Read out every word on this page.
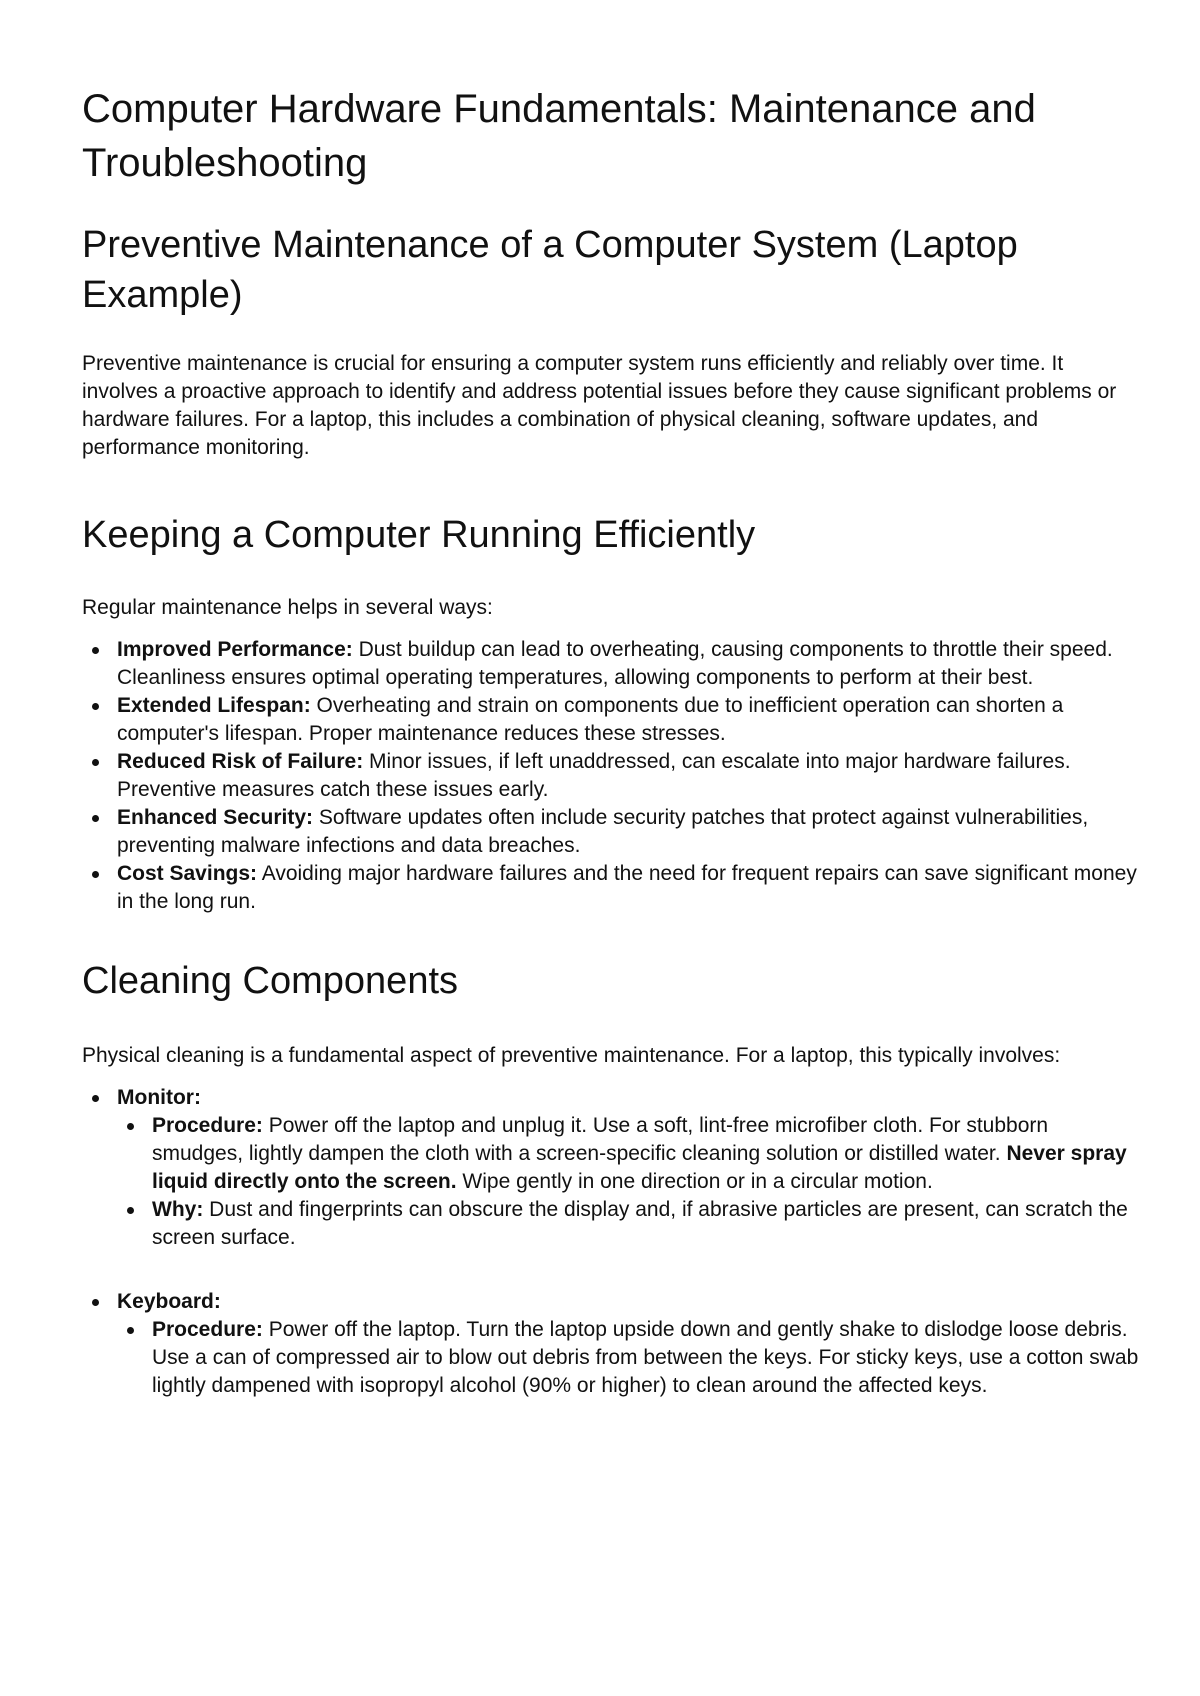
Computer Hardware Fundamentals: Maintenance and Troubleshooting
Preventive Maintenance of a Computer System (Laptop Example)

Preventive maintenance is crucial for ensuring a computer system runs efficiently and reliably over time. It involves a proactive approach to identify and address potential issues before they cause significant problems or hardware failures. For a laptop, this includes a combination of physical cleaning, software updates, and performance monitoring.

Keeping a Computer Running Efficiently

Regular maintenance helps in several ways:

Improved Performance: Dust buildup can lead to overheating, causing components to throttle their speed. Cleanliness ensures optimal operating temperatures, allowing components to perform at their best.
Extended Lifespan: Overheating and strain on components due to inefficient operation can shorten a computer's lifespan. Proper maintenance reduces these stresses.
Reduced Risk of Failure: Minor issues, if left unaddressed, can escalate into major hardware failures. Preventive measures catch these issues early.
Enhanced Security: Software updates often include security patches that protect against vulnerabilities, preventing malware infections and data breaches.
Cost Savings: Avoiding major hardware failures and the need for frequent repairs can save significant money in the long run.
Cleaning Components

Physical cleaning is a fundamental aspect of preventive maintenance. For a laptop, this typically involves:

Monitor:
Procedure: Power off the laptop and unplug it. Use a soft, lint-free microfiber cloth. For stubborn smudges, lightly dampen the cloth with a screen-specific cleaning solution or distilled water. Never spray liquid directly onto the screen. Wipe gently in one direction or in a circular motion.
Why: Dust and fingerprints can obscure the display and, if abrasive particles are present, can scratch the screen surface.
Keyboard:
Procedure: Power off the laptop. Turn the laptop upside down and gently shake to dislodge loose debris. Use a can of compressed air to blow out debris from between the keys. For sticky keys, use a cotton swab lightly dampened with isopropyl alcohol (90% or higher) to clean around the affected keys.
